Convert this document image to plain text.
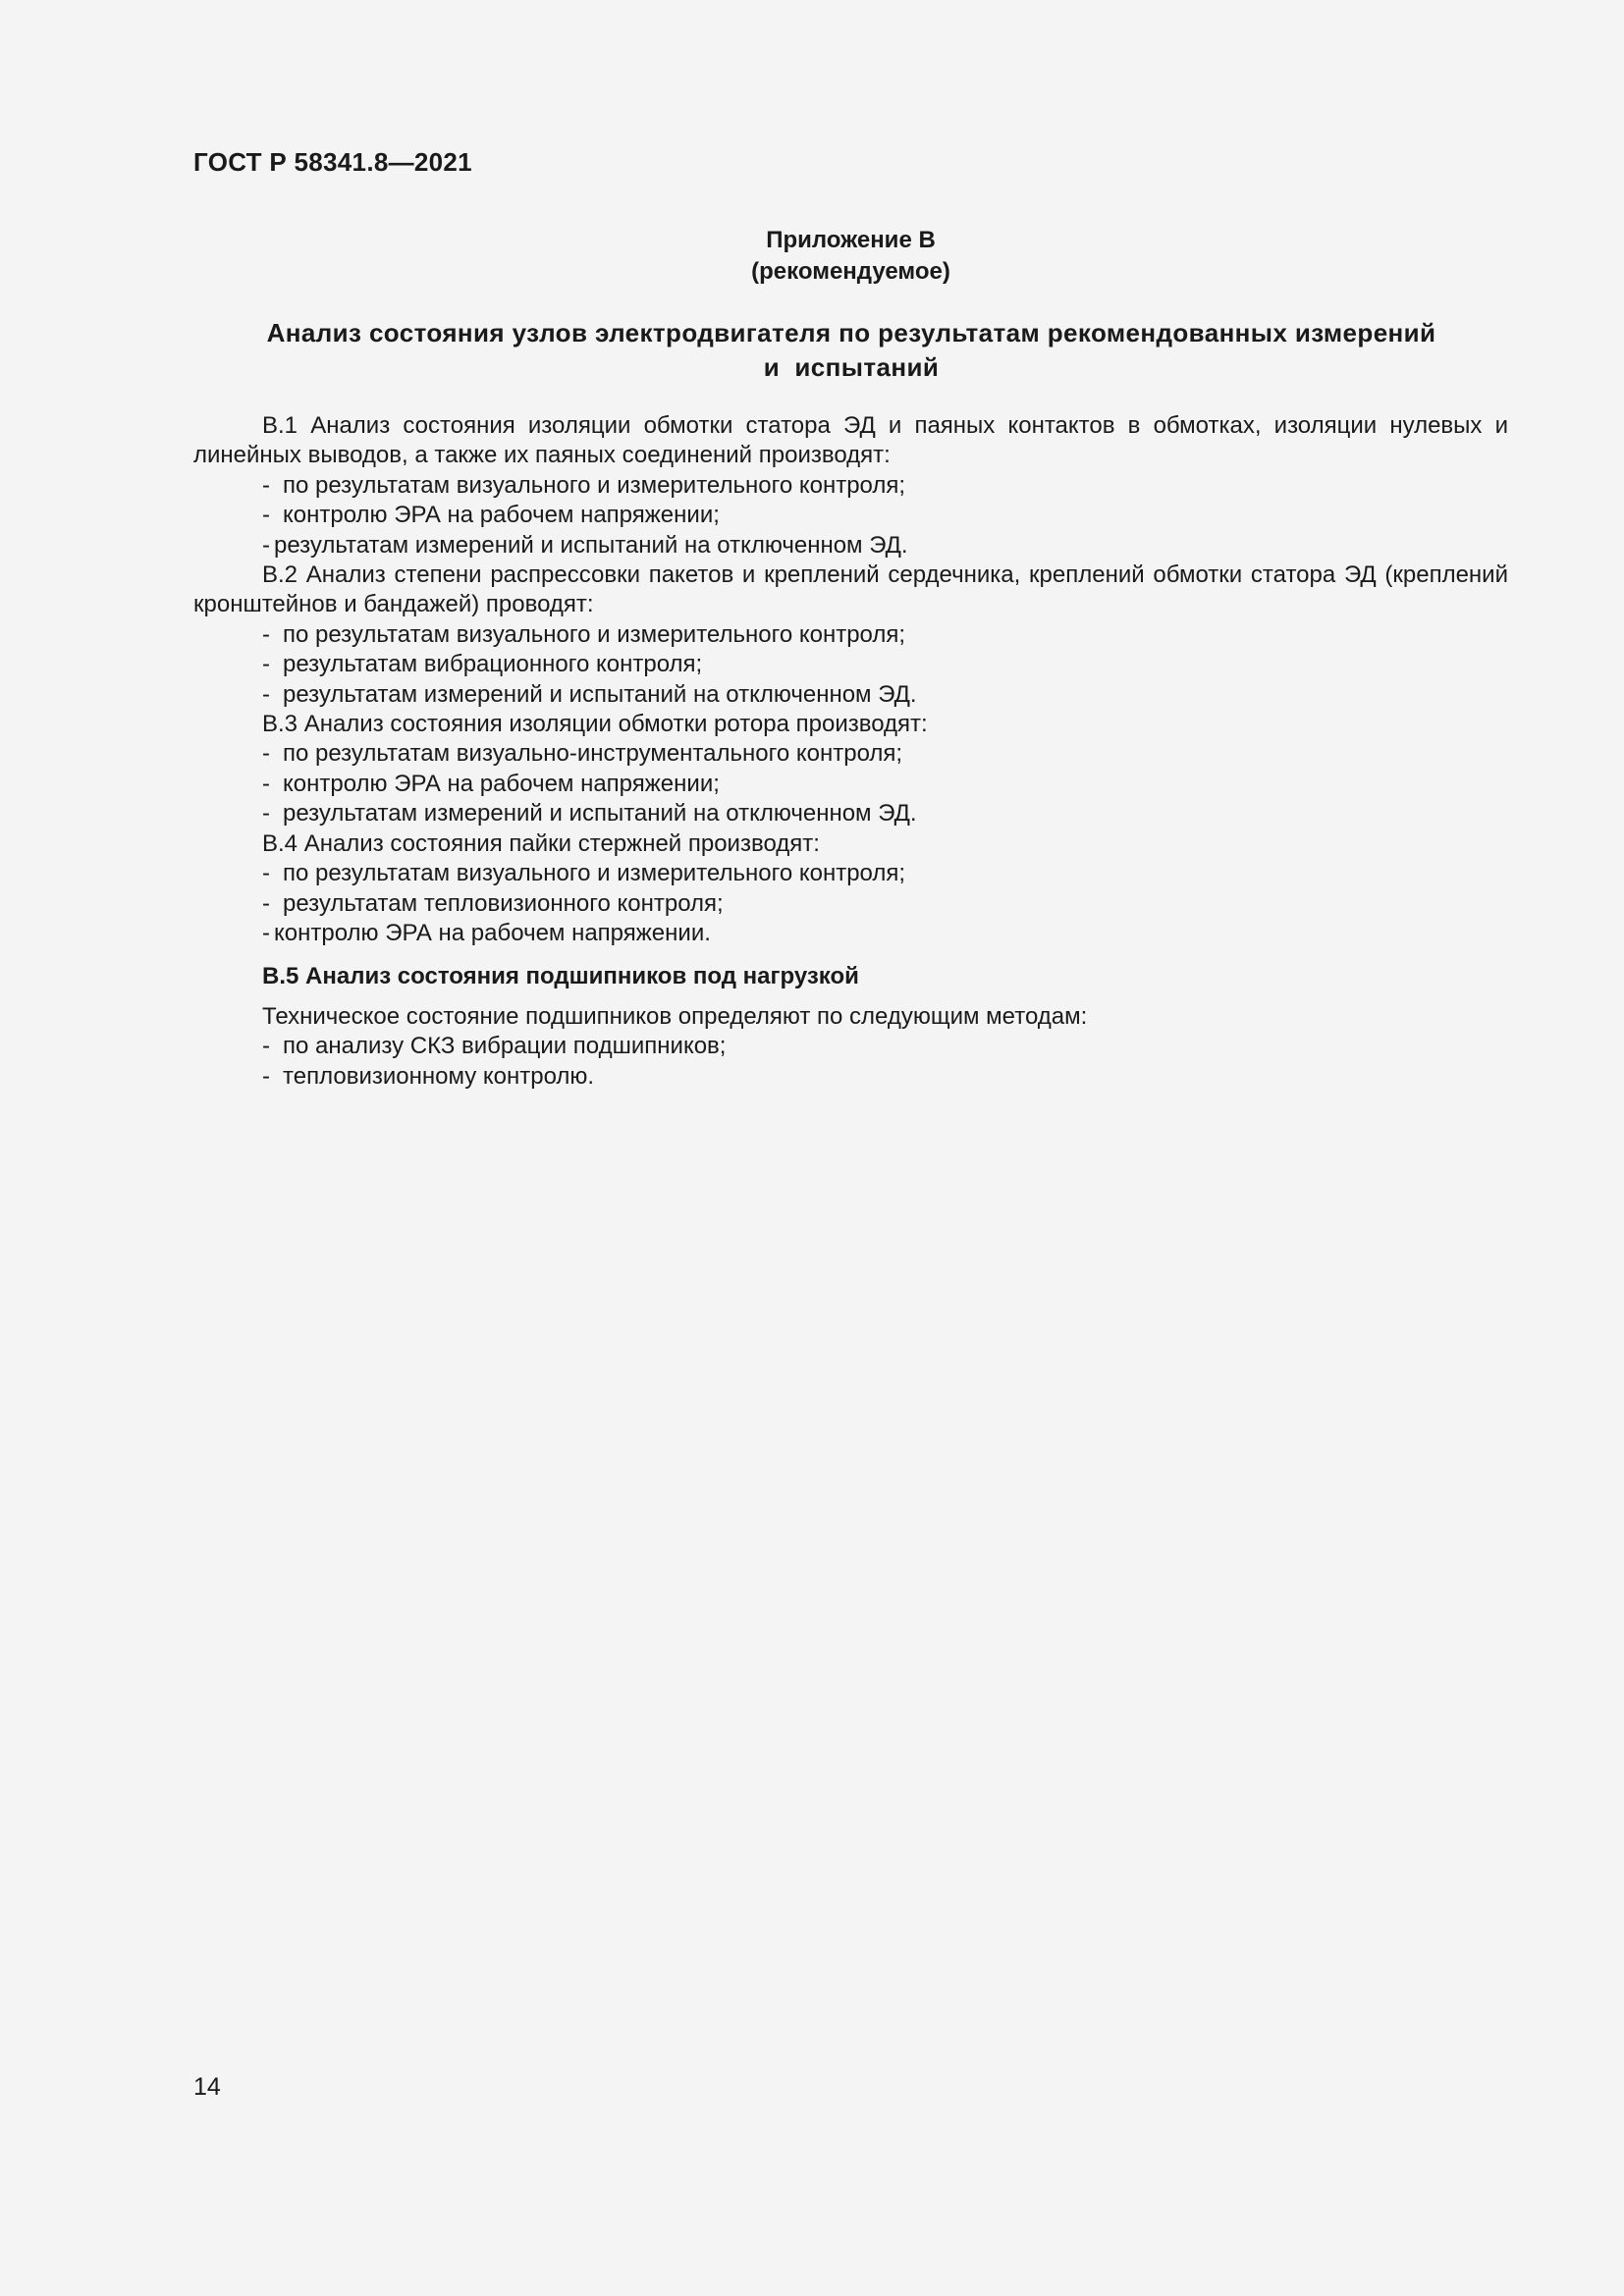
ГОСТ Р 58341.8—2021
Приложение В
(рекомендуемое)
Анализ состояния узлов электродвигателя по результатам рекомендованных измерений
и  испытаний

В.1 Анализ состояния изоляции обмотки статора ЭД и паяных контактов в обмотках, изоляции нулевых и линейных выводов, а также их паяных соединений производят:

- по результатам визуального и измерительного контроля;

- контролю ЭРА на рабочем напряжении;

- результатам измерений и испытаний на отключенном ЭД.

В.2 Анализ степени распрессовки пакетов и креплений сердечника, креплений обмотки статора ЭД (креплений кронштейнов и бандажей) проводят:

- по результатам визуального и измерительного контроля;

- результатам вибрационного контроля;

- результатам измерений и испытаний на отключенном ЭД.

В.3 Анализ состояния изоляции обмотки ротора производят:

- по результатам визуально-инструментального контроля;

- контролю ЭРА на рабочем напряжении;

- результатам измерений и испытаний на отключенном ЭД.

В.4 Анализ состояния пайки стержней производят:

- по результатам визуального и измерительного контроля;

- результатам тепловизионного контроля;

- контролю ЭРА на рабочем напряжении.

В.5 Анализ состояния подшипников под нагрузкой

Техническое состояние подшипников определяют по следующим методам:

- по анализу СКЗ вибрации подшипников;

- тепловизионному контролю.

14
